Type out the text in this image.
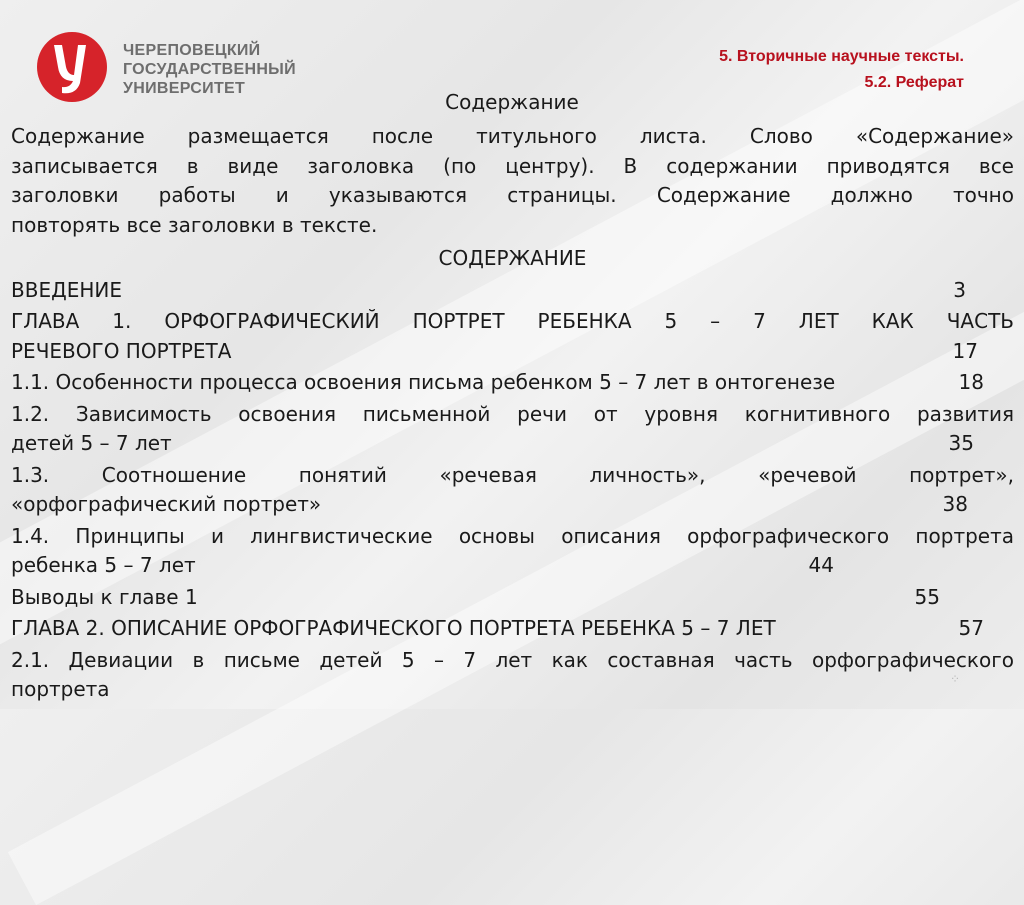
ЧЕРЕПОВЕЦКИЙ
ГОСУДАРСТВЕННЫЙ
УНИВЕРСИТЕТ
5. Вторичные научные тексты.
5.2. Реферат
Содержание
Содержание размещается после титульного листа. Слово «Содержание»
записывается в виде заголовка (по центру). В содержании приводятся все
заголовки работы и указываются страницы. Содержание должно точно
повторять все заголовки в тексте.
СОДЕРЖАНИЕ
ВВЕДЕНИЕ	3
ГЛАВА 1. ОРФОГРАФИЧЕСКИЙ ПОРТРЕТ РЕБЕНКА 5 – 7 ЛЕТ КАК ЧАСТЬ
РЕЧЕВОГО ПОРТРЕТА	17
1.1. Особенности процесса освоения письма ребенком 5 – 7 лет в онтогенезе	18
1.2. Зависимость освоения письменной речи от уровня когнитивного развития
детей 5 – 7 лет	35
1.3. Соотношение понятий «речевая личность», «речевой портрет»,
«орфографический портрет»	38
1.4. Принципы и лингвистические основы описания орфографического портрета
ребенка 5 – 7 лет	44
Выводы к главе 1	55
ГЛАВА 2. ОПИСАНИЕ ОРФОГРАФИЧЕСКОГО ПОРТРЕТА РЕБЕНКА 5 – 7 ЛЕТ	57
2.1. Девиации в письме детей 5 – 7 лет как составная часть орфографического
портрета	⁘
